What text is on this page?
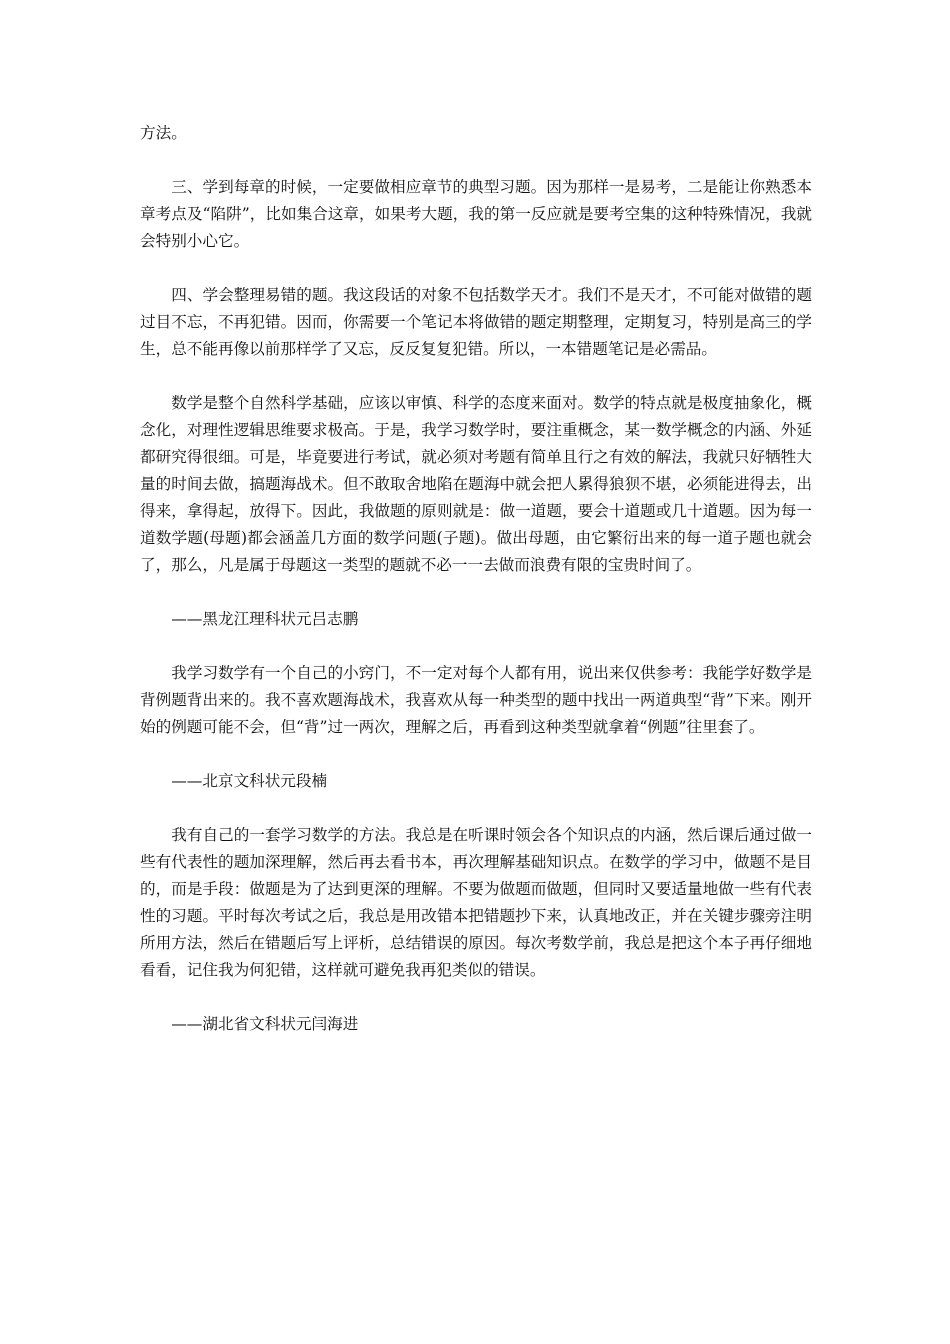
方法。

三、学到每章的时候，一定要做相应章节的典型习题。因为那样一是易考，二是能让你熟悉本章考点及“陷阱”，比如集合这章，如果考大题，我的第一反应就是要考空集的这种特殊情况，我就会特别小心它。

四、学会整理易错的题。我这段话的对象不包括数学天才。我们不是天才，不可能对做错的题过目不忘，不再犯错。因而，你需要一个笔记本将做错的题定期整理，定期复习，特别是高三的学生，总不能再像以前那样学了又忘，反反复复犯错。所以，一本错题笔记是必需品。

数学是整个自然科学基础，应该以审慎、科学的态度来面对。数学的特点就是极度抽象化，概念化，对理性逻辑思维要求极高。于是，我学习数学时，要注重概念，某一数学概念的内涵、外延都研究得很细。可是，毕竟要进行考试，就必须对考题有简单且行之有效的解法，我就只好牺牲大量的时间去做，搞题海战术。但不敢取舍地陷在题海中就会把人累得狼狈不堪，必须能进得去，出得来，拿得起，放得下。因此，我做题的原则就是：做一道题，要会十道题或几十道题。因为每一道数学题(母题)都会涵盖几方面的数学问题(子题)。做出母题，由它繁衍出来的每一道子题也就会了，那么，凡是属于母题这一类型的题就不必一一去做而浪费有限的宝贵时间了。

——黑龙江理科状元吕志鹏

我学习数学有一个自己的小窍门，不一定对每个人都有用，说出来仅供参考：我能学好数学是背例题背出来的。我不喜欢题海战术，我喜欢从每一种类型的题中找出一两道典型“背”下来。刚开始的例题可能不会，但“背”过一两次，理解之后，再看到这种类型就拿着“例题”往里套了。

——北京文科状元段楠

我有自己的一套学习数学的方法。我总是在听课时领会各个知识点的内涵，然后课后通过做一些有代表性的题加深理解，然后再去看书本，再次理解基础知识点。在数学的学习中，做题不是目的，而是手段：做题是为了达到更深的理解。不要为做题而做题，但同时又要适量地做一些有代表性的习题。平时每次考试之后，我总是用改错本把错题抄下来，认真地改正，并在关键步骤旁注明所用方法，然后在错题后写上评析，总结错误的原因。每次考数学前，我总是把这个本子再仔细地看看，记住我为何犯错，这样就可避免我再犯类似的错误。

——湖北省文科状元闫海进
